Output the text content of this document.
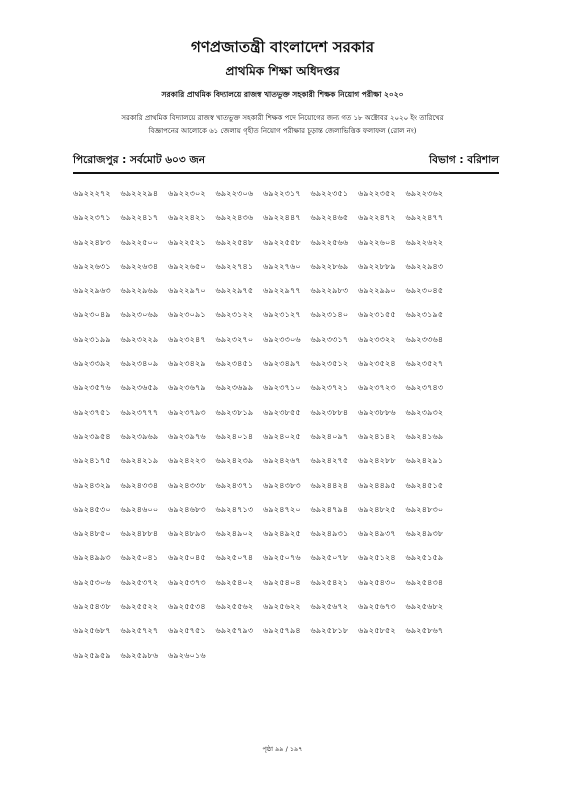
গণপ্রজাতন্ত্রী বাংলাদেশ সরকার
প্রাথমিক শিক্ষা অধিদপ্তর
সরকারি প্রাথমিক বিদ্যালয়ে রাজস্ব খাতভুক্ত সহকারী শিক্ষক নিয়োগ পরীক্ষা ২০২০
সরকারি প্রাথমিক বিদ্যালয়ে রাজস্ব খাতভুক্ত সহকারী শিক্ষক পদে নিয়োগের জন্য গত ১৮ অক্টোবর ২০২০ ইং তারিখের
বিজ্ঞাপনের আলোকে ৬১ জেলায় গৃহীত নিয়োগ পরীক্ষার চূড়ান্ত জেলাভিত্তিক ফলাফল (রোল নং)
পিরোজপুর : সর্বমোট ৬০৩ জন	বিভাগ : বরিশাল
৬৯২২২৭২ ৬৯২২২৯৪ ৬৯২২৩০২ ৬৯২২৩০৬ ৬৯২২৩১৭ ৬৯২২৩৫১ ৬৯২২৩৫২ ৬৯২২৩৬২
৬৯২২৩৭১ ৬৯২২৪১৭ ৬৯২২৪২১ ৬৯২২৪৩৬ ৬৯২২৪৪৭ ৬৯২২৪৬৫ ৬৯২২৪৭২ ৬৯২২৪৭৭
৬৯২২৪৮৩ ৬৯২২৫০০ ৬৯২২৫২১ ৬৯২২৫৪৮ ৬৯২২৫৫৮ ৬৯২২৫৬৬ ৬৯২২৬০৪ ৬৯২২৬২২
৬৯২২৬৩১ ৬৯২২৬৩৪ ৬৯২২৬৫০ ৬৯২২৭৪১ ৬৯২২৭৬০ ৬৯২২৮৬৯ ৬৯২২৮৮৯ ৬৯২২৯৪৩
৬৯২২৯৬৩ ৬৯২২৯৬৯ ৬৯২২৯৭০ ৬৯২২৯৭৫ ৬৯২২৯৭৭ ৬৯২২৯৮৩ ৬৯২২৯৯০ ৬৯২৩০৪৫
৬৯২৩০৪৯ ৬৯২৩০৬৯ ৬৯২৩০৯১ ৬৯২৩১২২ ৬৯২৩১২৭ ৬৯২৩১৪০ ৬৯২৩১৫৫ ৬৯২৩১৯৫
৬৯২৩১৯৯ ৬৯২৩২২৯ ৬৯২৩২৪৭ ৬৯২৩২৭০ ৬৯২৩৩০৬ ৬৯২৩৩১৭ ৬৯২৩৩২২ ৬৯২৩৩৬৪
৬৯২৩৩৯২ ৬৯২৩৪০৯ ৬৯২৩৪২৯ ৬৯২৩৪৫১ ৬৯২৩৪৯৭ ৬৯২৩৫১২ ৬৯২৩৫২৪ ৬৯২৩৫২৭
৬৯২৩৫৭৬ ৬৯২৩৬৫৯ ৬৯২৩৬৭৯ ৬৯২৩৬৯৯ ৬৯২৩৭১০ ৬৯২৩৭২১ ৬৯২৩৭২৩ ৬৯২৩৭৪৩
৬৯২৩৭৫১ ৬৯২৩৭৭৭ ৬৯২৩৭৯৩ ৬৯২৩৮১৯ ৬৯২৩৮৫৫ ৬৯২৩৮৮৪ ৬৯২৩৮৮৬ ৬৯২৩৯৩২
৬৯২৩৯৫৪ ৬৯২৩৯৬৯ ৬৯২৩৯৭৬ ৬৯২৪০১৪ ৬৯২৪০২৫ ৬৯২৪০৯৭ ৬৯২৪১৪২ ৬৯২৪১৬৯
৬৯২৪১৭৫ ৬৯২৪২১৯ ৬৯২৪২২৩ ৬৯২৪২৩৯ ৬৯২৪২৬৭ ৬৯২৪২৭৫ ৬৯২৪২৮৮ ৬৯২৪২৯১
৬৯২৪৩২৯ ৬৯২৪৩৩৪ ৬৯২৪৩৩৮ ৬৯২৪৩৭১ ৬৯২৪৩৮৩ ৬৯২৪৪২৪ ৬৯২৪৪৯৫ ৬৯২৪৫১৫
৬৯২৪৫৩০ ৬৯২৪৬০০ ৬৯২৪৬৮৩ ৬৯২৪৭১৩ ৬৯২৪৭২০ ৬৯২৪৭৯৪ ৬৯২৪৮২৫ ৬৯২৪৮৩০
৬৯২৪৮৫০ ৬৯২৪৮৮৪ ৬৯২৪৮৯৩ ৬৯২৪৯০২ ৬৯২৪৯২৫ ৬৯২৪৯৩১ ৬৯২৪৯৩৭ ৬৯২৪৯৩৮
৬৯২৪৯৯৩ ৬৯২৫০৪১ ৬৯২৫০৪৫ ৬৯২৫০৭৪ ৬৯২৫০৭৬ ৬৯২৫০৭৮ ৬৯২৫১২৪ ৬৯২৫১৫৯
৬৯২৫৩০৬ ৬৯২৫৩৭২ ৬৯২৫৩৭৩ ৬৯২৫৪০২ ৬৯২৫৪০৪ ৬৯২৫৪২১ ৬৯২৫৪৩০ ৬৯২৫৪৩৪
৬৯২৫৪৩৮ ৬৯২৫৫২২ ৬৯২৫৫৩৪ ৬৯২৫৫৬২ ৬৯২৫৬২২ ৬৯২৫৬৭২ ৬৯২৫৬৭৩ ৬৯২৫৬৮২
৬৯২৫৬৮৭ ৬৯২৫৭২৭ ৬৯২৫৭৫১ ৬৯২৫৭৯৩ ৬৯২৫৭৯৪ ৬৯২৫৮১৮ ৬৯২৫৮৫২ ৬৯২৫৮৬৭
৬৯২৫৯৫৯ ৬৯২৫৯৮৬ ৬৯২৬০১৬
পৃষ্ঠা ৯৯ / ১৯৭
